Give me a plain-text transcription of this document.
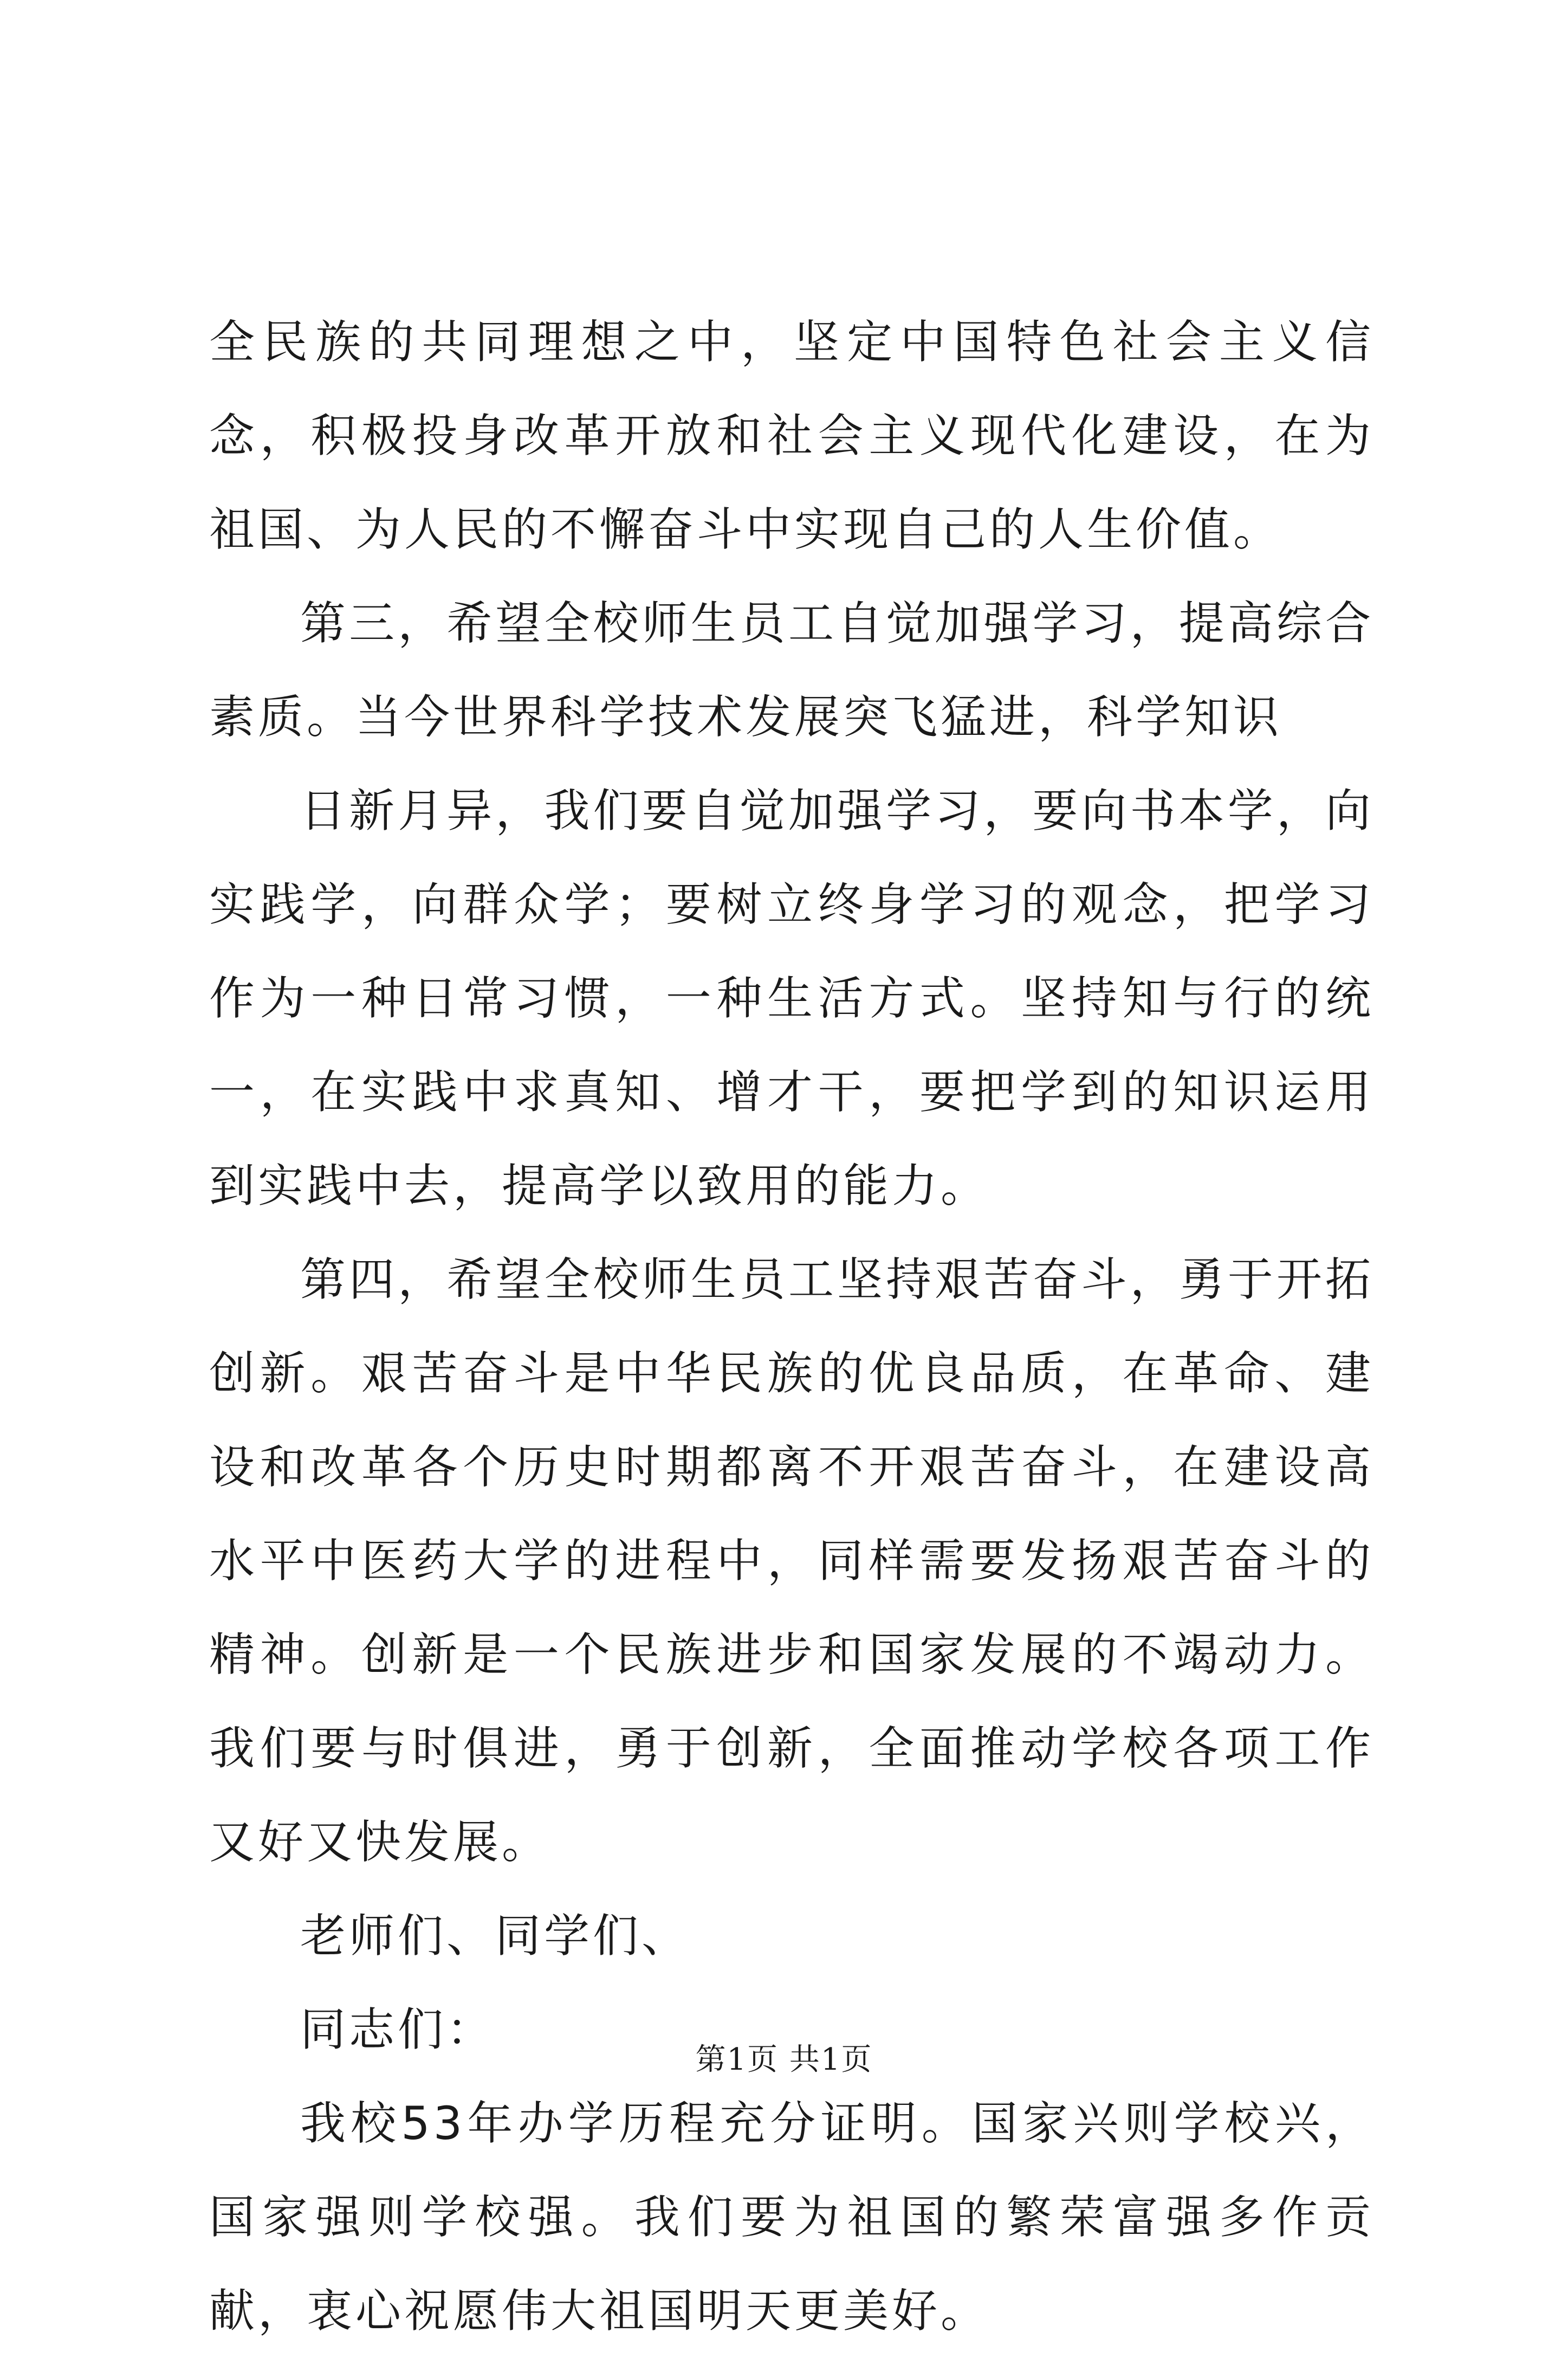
全民族的共同理想之中，坚定中国特色社会主义信念，积极投身改革开放和社会主义现代化建设，在为祖国、为人民的不懈奋斗中实现自己的人生价值。

第三，希望全校师生员工自觉加强学习，提高综合素质。当今世界科学技术发展突飞猛进，科学知识

日新月异，我们要自觉加强学习，要向书本学，向实践学，向群众学；要树立终身学习的观念，把学习作为一种日常习惯，一种生活方式。坚持知与行的统一，在实践中求真知、增才干，要把学到的知识运用到实践中去，提高学以致用的能力。

第四，希望全校师生员工坚持艰苦奋斗，勇于开拓创新。艰苦奋斗是中华民族的优良品质，在革命、建设和改革各个历史时期都离不开艰苦奋斗，在建设高水平中医药大学的进程中，同样需要发扬艰苦奋斗的精神。创新是一个民族进步和国家发展的不竭动力。我们要与时俱进，勇于创新，全面推动学校各项工作又好又快发展。

老师们、同学们、

同志们：

我校53年办学历程充分证明。国家兴则学校兴，国家强则学校强。我们要为祖国的繁荣富强多作贡献，衷心祝愿伟大祖国明天更美好。

第1页 共1页
